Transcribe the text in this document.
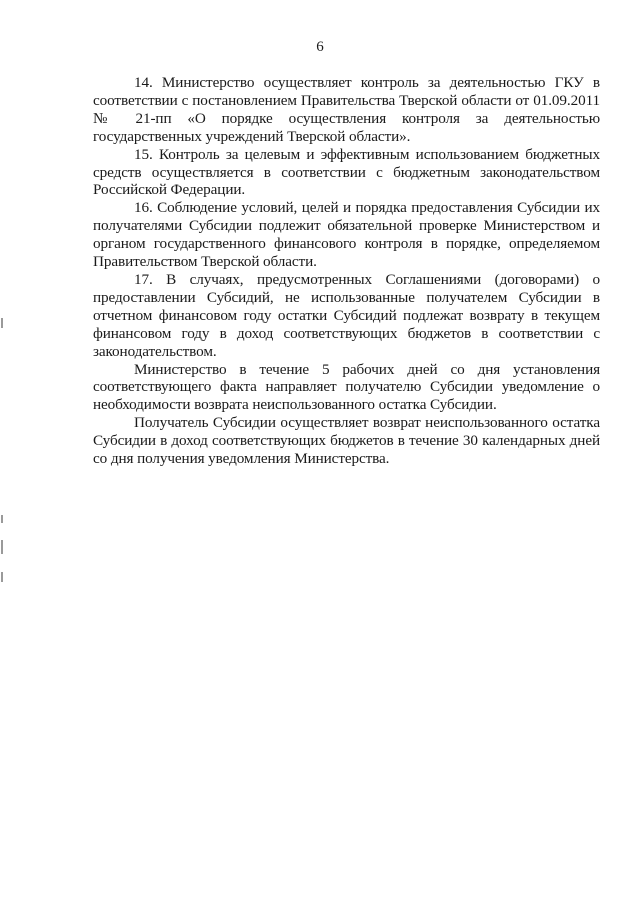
6

14. Министерство осуществляет контроль за деятельностью ГКУ в соответствии с постановлением Правительства Тверской области от 01.09.2011 № 21-пп «О порядке осуществления контроля за деятельностью государственных учреждений Тверской области».

15. Контроль за целевым и эффективным использованием бюджетных средств осуществляется в соответствии с бюджетным законодательством Российской Федерации.

16. Соблюдение условий, целей и порядка предоставления Субсидии их получателями Субсидии подлежит обязательной проверке Министерством и органом государственного финансового контроля в порядке, определяемом Правительством Тверской области.

17. В случаях, предусмотренных Соглашениями (договорами) о предоставлении Субсидий, не использованные получателем Субсидии в отчетном финансовом году остатки Субсидий подлежат возврату в текущем финансовом году в доход соответствующих бюджетов в соответствии с законодательством.

Министерство в течение 5 рабочих дней со дня установления соответствующего факта направляет получателю Субсидии уведомление о необходимости возврата неиспользованного остатка Субсидии.

Получатель Субсидии осуществляет возврат неиспользованного остатка Субсидии в доход соответствующих бюджетов в течение 30 календарных дней со дня получения уведомления Министерства.
